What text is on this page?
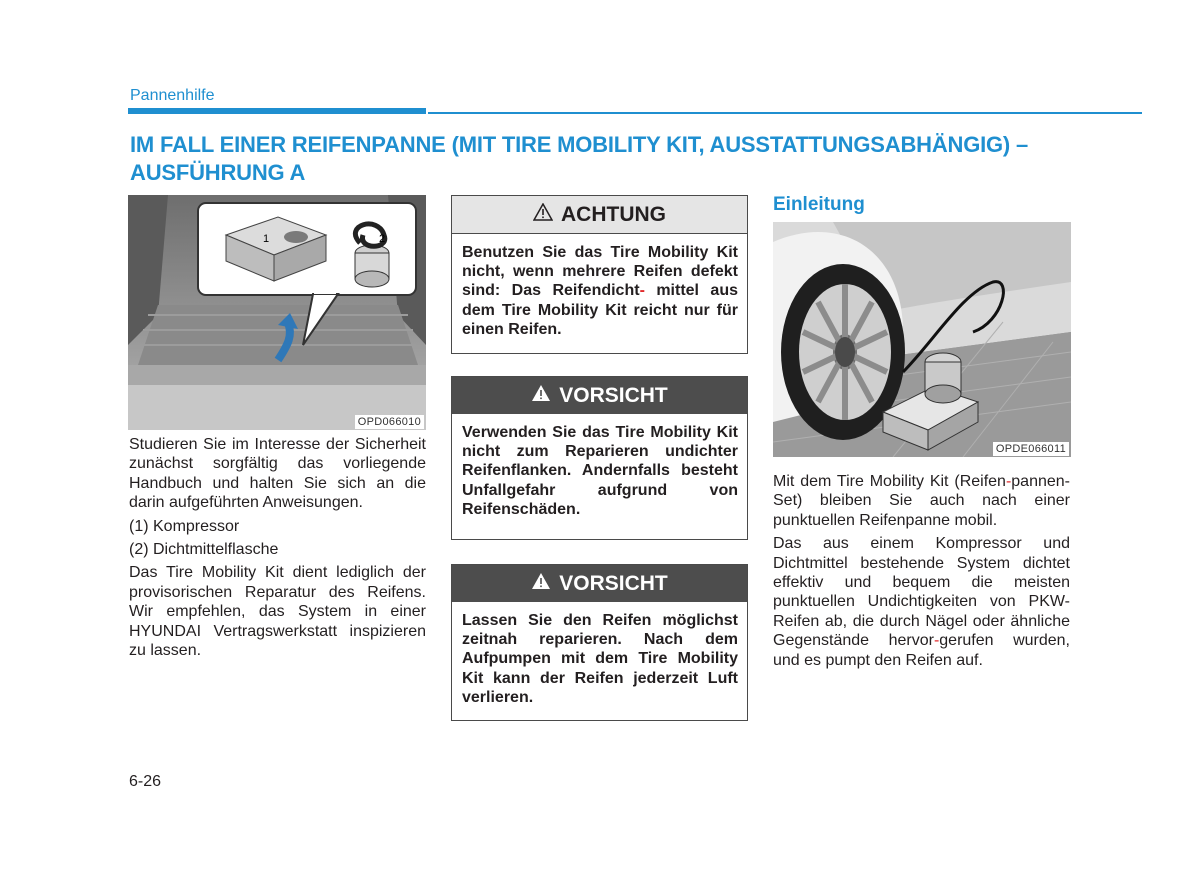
Pannenhilfe
IM FALL EINER REIFENPANNE (MIT TIRE MOBILITY KIT, AUSSTATTUNGSABHÄNGIG) – AUSFÜHRUNG A
1	2
OPD066010

Studieren Sie im Interesse der Sicherheit zunächst sorgfältig das vorliegende Handbuch und halten Sie sich an die darin aufgeführten Anweisungen.

(1) Kompressor

(2) Dichtmittelflasche

Das Tire Mobility Kit dient lediglich der provisorischen Reparatur des Reifens. Wir empfehlen, das System in einer HYUNDAI Vertragswerkstatt inspizieren zu lassen.

ACHTUNG
Benutzen Sie das Tire Mobility Kit nicht, wenn mehrere Reifen defekt sind: Das Reifendicht- mittel aus dem Tire Mobility Kit reicht nur für einen Reifen.
VORSICHT
Verwenden Sie das Tire Mobility Kit nicht zum Reparieren undichter Reifenflanken. Andernfalls besteht Unfallgefahr aufgrund von Reifenschäden.
VORSICHT
Lassen Sie den Reifen möglichst zeitnah reparieren. Nach dem Aufpumpen mit dem Tire Mobility Kit kann der Reifen jederzeit Luft verlieren.
Einleitung
OPDE066011

Mit dem Tire Mobility Kit (Reifen-pannen- Set) bleiben Sie auch nach einer punktuellen Reifenpanne mobil.

Das aus einem Kompressor und Dichtmittel bestehende System dichtet effektiv und bequem die meisten punktuellen Undichtigkeiten von PKW-Reifen ab, die durch Nägel oder ähnliche Gegenstände hervor-gerufen wurden, und es pumpt den Reifen auf.

6-26
